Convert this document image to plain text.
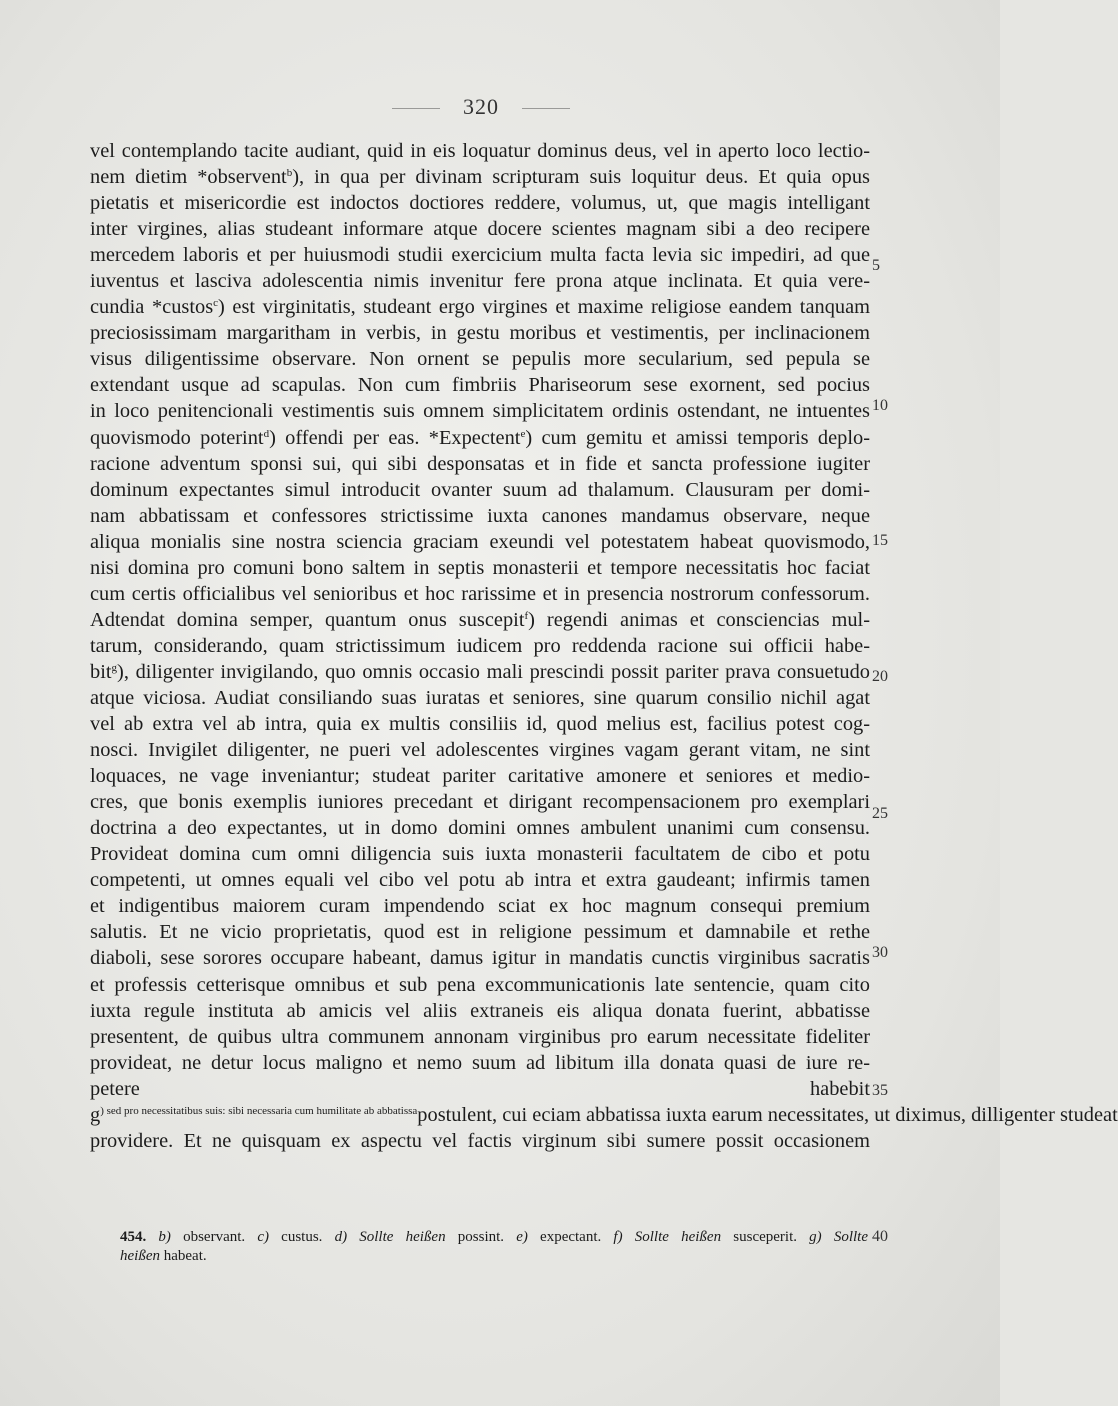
320
vel contemplando tacite audiant, quid in eis loquatur dominus deus, vel in aperto loco lectio-
nem dietim *observent$^b$), in qua per divinam scripturam suis loquitur deus. Et quia opus
pietatis et misericordie est indoctos doctiores reddere, volumus, ut, que magis intelligant
inter virgines, alias studeant informare atque docere scientes magnam sibi a deo recipere
mercedem laboris et per huiusmodi studii exercicium multa facta levia sic impediri, ad que
iuventus et lasciva adolescentia nimis invenitur fere prona atque inclinata. Et quia vere-
cundia *custos$^c$) est virginitatis, studeant ergo virgines et maxime religiose eandem tanquam
preciosissimam margaritham in verbis, in gestu moribus et vestimentis, per inclinacionem
visus diligentissime observare. Non ornent se pepulis more secularium, sed pepula se
extendant usque ad scapulas. Non cum fimbriis Phariseorum sese exornent, sed pocius
in loco penitencionali vestimentis suis omnem simplicitatem ordinis ostendant, ne intuentes
quovismodo poterint$^d$) offendi per eas. *Expectent$^e$) cum gemitu et amissi temporis deplo-
racione adventum sponsi sui, qui sibi desponsatas et in fide et sancta professione iugiter
dominum expectantes simul introducit ovanter suum ad thalamum. Clausuram per domi-
nam abbatissam et confessores strictissime iuxta canones mandamus observare, neque
aliqua monialis sine nostra sciencia graciam exeundi vel potestatem habeat quovismodo,
nisi domina pro comuni bono saltem in septis monasterii et tempore necessitatis hoc faciat
cum certis officialibus vel senioribus et hoc rarissime et in presencia nostrorum confessorum.
Adtendat domina semper, quantum onus suscepit$^f$) regendi animas et consciencias mul-
tarum, considerando, quam strictissimum iudicem pro reddenda racione sui officii habe-
bit$^g$), diligenter invigilando, quo omnis occasio mali prescindi possit pariter prava consuetudo
atque viciosa. Audiat consiliando suas iuratas et seniores, sine quarum consilio nichil agat
vel ab extra vel ab intra, quia ex multis consiliis id, quod melius est, facilius potest cog-
nosci. Invigilet diligenter, ne pueri vel adolescentes virgines vagam gerant vitam, ne sint
loquaces, ne vage inveniantur; studeat pariter caritative amonere et seniores et medio-
cres, que bonis exemplis iuniores precedant et dirigant recompensacionem pro exemplari
doctrina a deo expectantes, ut in domo domini omnes ambulent unanimi cum consensu.
Provideat domina cum omni diligencia suis iuxta monasterii facultatem de cibo et potu
competenti, ut omnes equali vel cibo vel potu ab intra et extra gaudeant; infirmis tamen
et indigentibus maiorem curam impendendo sciat ex hoc magnum consequi premium
salutis. Et ne vicio proprietatis, quod est in religione pessimum et damnabile et rethe
diaboli, sese sorores occupare habeant, damus igitur in mandatis cunctis virginibus sacratis
et professis cetterisque omnibus et sub pena excommunicationis late sentencie, quam cito
iuxta regule instituta ab amicis vel aliis extraneis eis aliqua donata fuerint, abbatisse
presentent, de quibus ultra communem annonam virginibus pro earum necessitate fideliter
provideat, ne detur locus maligno et nemo suum ad libitum illa donata quasi de iure re-
petere habebit
$g^{) sed pro necessitatibus suis: sibi necessaria cum humilitate ab abbatissa}postulent$, cui eciam abbatissa iuxta earum necessitates, ut diximus, dilligenter studeat
providere. Et ne quisquam ex aspectu vel factis virginum sibi sumere possit occasionem
5
10
15
20
25
30
35
454. b) observant. c) custus. d) Sollte heißen possint. e) expectant. f) Sollte heißen susceperit. g) Sollte
heißen habeat.
40
